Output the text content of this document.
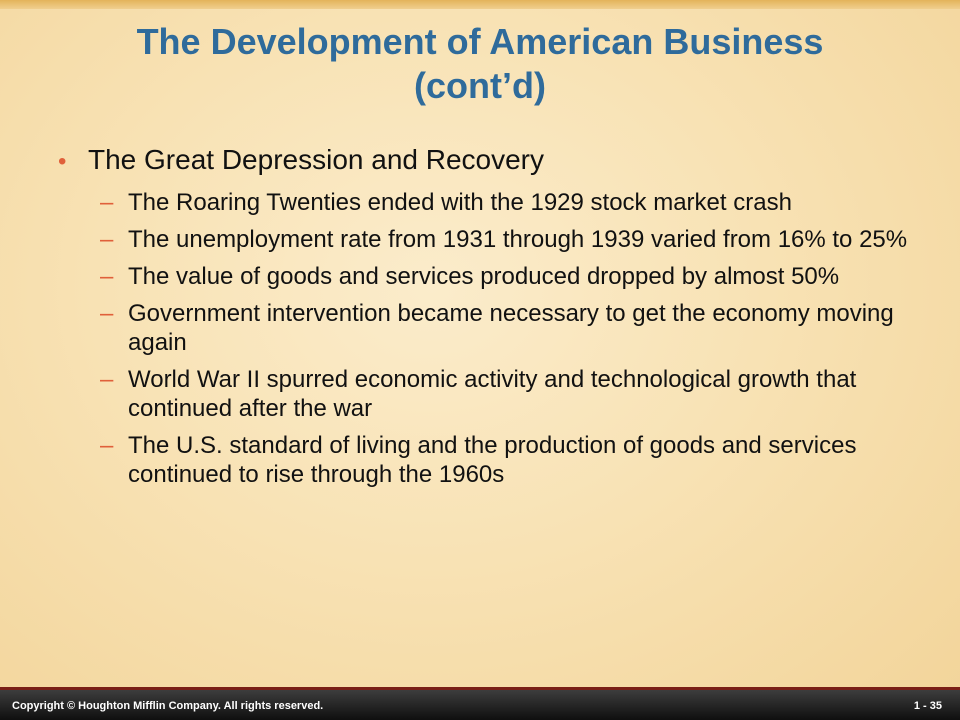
The Development of American Business
(cont’d)
• The Great Depression and Recovery
– The Roaring Twenties ended with the 1929 stock market crash
– The unemployment rate from 1931 through 1939 varied from 16% to 25%
– The value of goods and services produced dropped by almost 50%
– Government intervention became necessary to get the economy moving again
– World War II spurred economic activity and technological growth that continued after the war
– The U.S. standard of living and the production of goods and services continued to rise through the 1960s
Copyright © Houghton Mifflin Company. All rights reserved.	1 - 35
